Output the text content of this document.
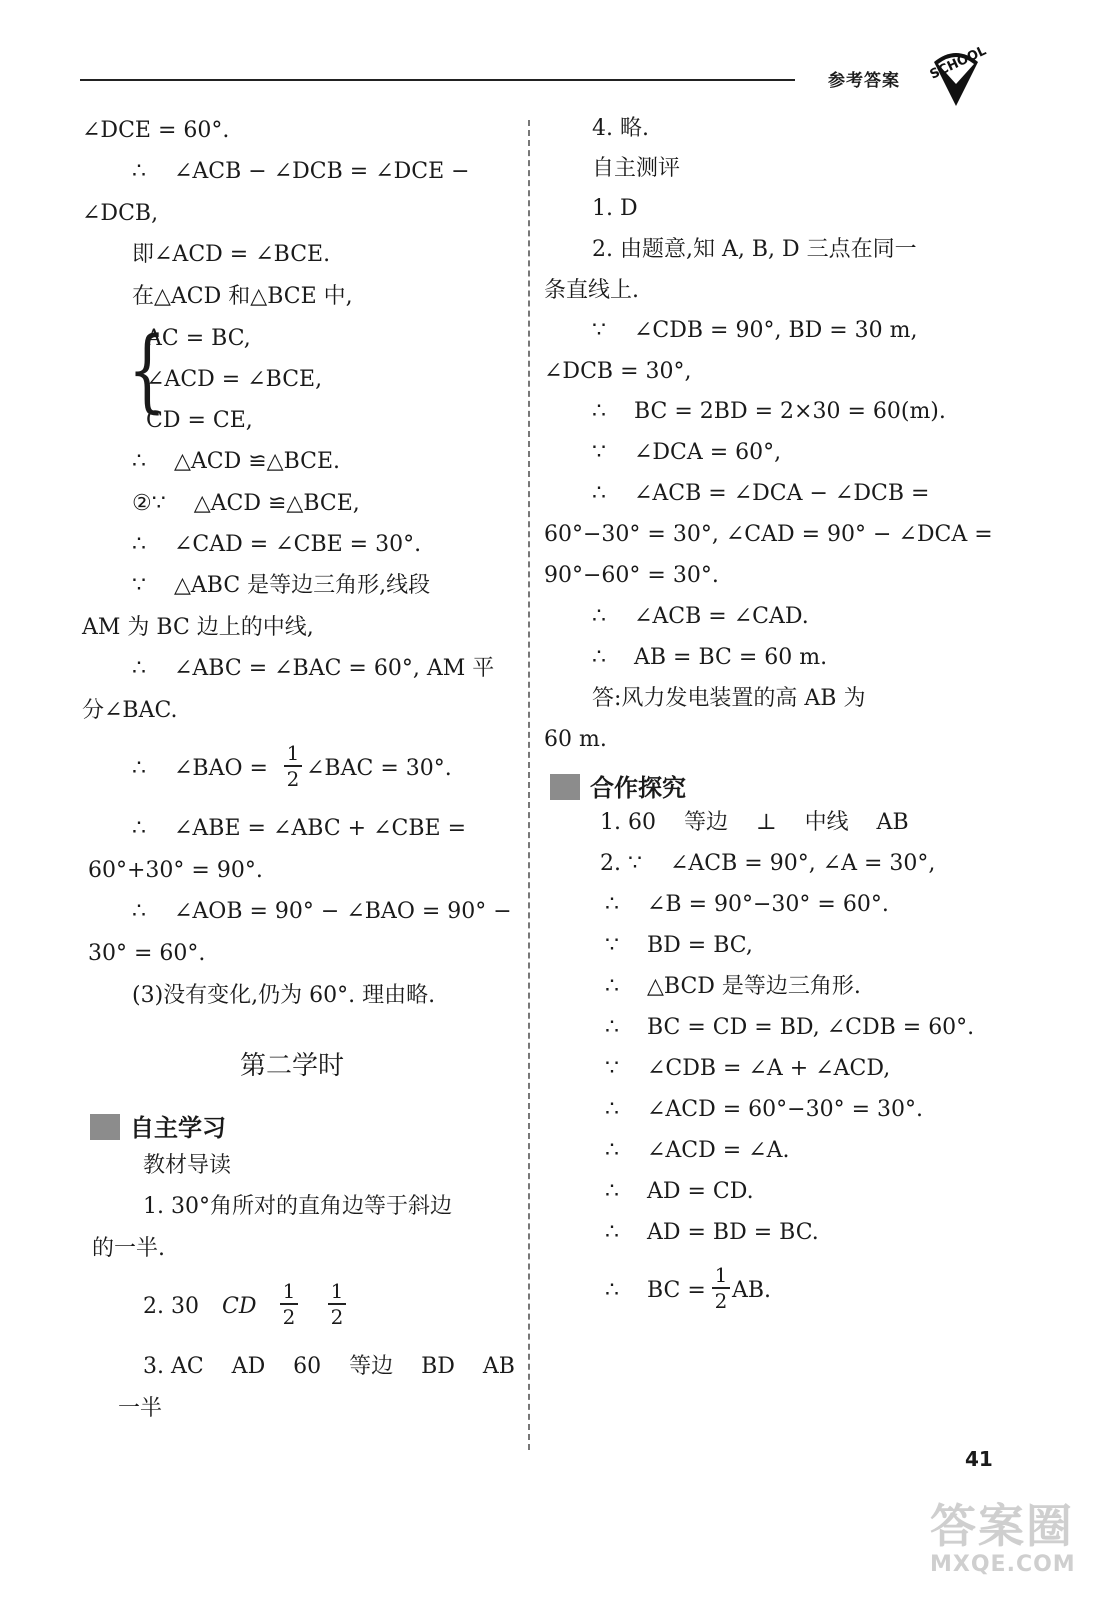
参考答案 SCHOOL
∠DCE = 60°.
∴    ∠ACB − ∠DCB = ∠DCE −
∠DCB,
即∠ACD = ∠BCE.
在△ACD 和△BCE 中,
{
AC = BC,
∠ACD = ∠BCE,
CD = CE,
∴    △ACD ≌△BCE.
②∵    △ACD ≌△BCE,
∴    ∠CAD = ∠CBE = 30°.
∵    △ABC 是等边三角形,线段
AM 为 BC 边上的中线,
∴    ∠ABC = ∠BAC = 60°, AM 平
分∠BAC.
∴    ∠BAO =
1
2 ∠BAC = 30°.
∴    ∠ABE = ∠ABC + ∠CBE =
60°+30° = 90°.
∴    ∠AOB = 90° − ∠BAO = 90° −
30° = 60°.
(3)没有变化,仍为 60°. 理由略.
第二学时
自主学习
教材导读
1. 30°角所对的直角边等于斜边
的一半.
2. 30 CD
1
2
1
2
3. AC    AD    60    等边    BD    AB
一半
4. 略.
自主测评
1. D
2. 由题意,知 A, B, D 三点在同一
条直线上.
∵    ∠CDB = 90°, BD = 30 m,
∠DCB = 30°,
∴    BC = 2BD = 2×30 = 60(m).
∵    ∠DCA = 60°,
∴    ∠ACB = ∠DCA − ∠DCB =
60°−30° = 30°, ∠CAD = 90° − ∠DCA =
90°−60° = 30°.
∴    ∠ACB = ∠CAD.
∴    AB = BC = 60 m.
答:风力发电装置的高 AB 为
60 m.
合作探究
1. 60    等边    ⊥    中线    AB
2. ∵    ∠ACB = 90°, ∠A = 30°,
∴    ∠B = 90°−30° = 60°.
∵    BD = BC,
∴    △BCD 是等边三角形.
∴    BC = CD = BD, ∠CDB = 60°.
∵    ∠CDB = ∠A + ∠ACD,
∴    ∠ACD = 60°−30° = 30°.
∴    ∠ACD = ∠A.
∴    AD = CD.
∴    AD = BD = BC.
∴    BC =
1
2 AB.
41
答案圈
MXQE.COM
